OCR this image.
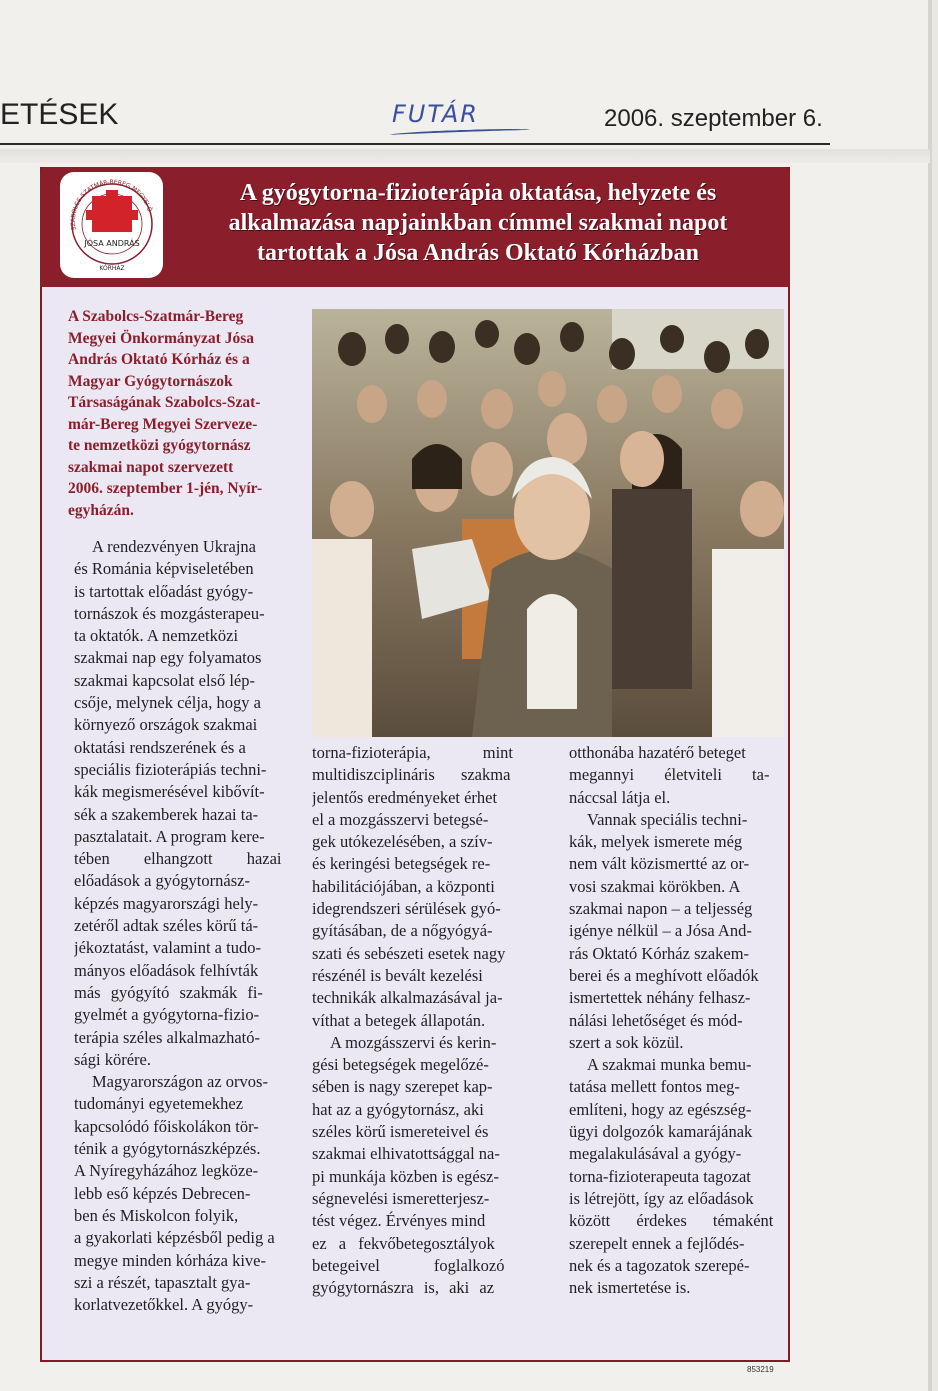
ETÉSEK	FUTÁR	2006. szeptember 6.
SZABOLCS-SZATMÁR-BEREG MEGYEI Ö
JÓSA ANDRÁS
KÓRHÁZ
A gyógytorna-fizioterápia oktatása, helyzete és
alkalmazása napjainkban címmel szakmai napot
tartottak a Jósa András Oktató Kórházban
A Szabolcs-Szatmár-Bereg
Megyei Önkormányzat Jósa
András Oktató Kórház és a
Magyar Gyógytornászok
Társaságának Szabolcs-Szat-
már-Bereg Megyei Szerveze-
te nemzetközi gyógytornász
szakmai napot szervezett
2006. szeptember 1-jén, Nyír-
egyházán.
A rendezvényen Ukrajna
és Románia képviseletében
is tartottak előadást gyógy-
tornászok és mozgásterapeu-
ta oktatók. A nemzetközi
szakmai nap egy folyamatos
szakmai kapcsolat első lép-
csője, melynek célja, hogy a
környező országok szakmai
oktatási rendszerének és a
speciális fizioterápiás techni-
kák megismerésével kibővít-
sék a szakemberek hazai ta-
pasztalatait. A program kere-
tében elhangzott hazai
előadások a gyógytornász-
képzés magyarországi hely-
zetéről adtak széles körű tá-
jékoztatást, valamint a tudo-
mányos előadások felhívták
más gyógyító szakmák fi-
gyelmét a gyógytorna-fizio-
terápia széles alkalmazható-
sági körére.
Magyarországon az orvos-
tudományi egyetemekhez
kapcsolódó főiskolákon tör-
ténik a gyógytornászképzés.
A Nyíregyházához legköze-
lebb eső képzés Debrecen-
ben és Miskolcon folyik,
a gyakorlati képzésből pedig a
megye minden kórháza kive-
szi a részét, tapasztalt gya-
korlatvezetőkkel. A gyógy-
torna-fizioterápia, mint
multidiszciplináris szakma
jelentős eredményeket érhet
el a mozgásszervi betegsé-
gek utókezelésében, a szív-
és keringési betegségek re-
habilitációjában, a központi
idegrendszeri sérülések gyó-
gyításában, de a nőgyógyá-
szati és sebészeti esetek nagy
részénél is bevált kezelési
technikák alkalmazásával ja-
víthat a betegek állapotán.
A mozgásszervi és kerin-
gési betegségek megelőzé-
sében is nagy szerepet kap-
hat az a gyógytornász, aki
széles körű ismereteivel és
szakmai elhivatottsággal na-
pi munkája közben is egész-
ségnevelési ismeretterjesz-
tést végez. Érvényes mind
ez a fekvőbetegosztályok
betegeivel foglalkozó
gyógytornászra is, aki az
otthonába hazatérő beteget
megannyi életviteli ta-
náccsal látja el.
Vannak speciális techni-
kák, melyek ismerete még
nem vált közismertté az or-
vosi szakmai körökben. A
szakmai napon – a teljesség
igénye nélkül – a Jósa And-
rás Oktató Kórház szakem-
berei és a meghívott előadók
ismertettek néhány felhasz-
nálási lehetőséget és mód-
szert a sok közül.
A szakmai munka bemu-
tatása mellett fontos meg-
említeni, hogy az egészség-
ügyi dolgozók kamarájának
megalakulásával a gyógy-
torna-fizioterapeuta tagozat
is létrejött, így az előadások
között érdekes témaként
szerepelt ennek a fejlődés-
nek és a tagozatok szerepé-
nek ismertetése is.
853219
